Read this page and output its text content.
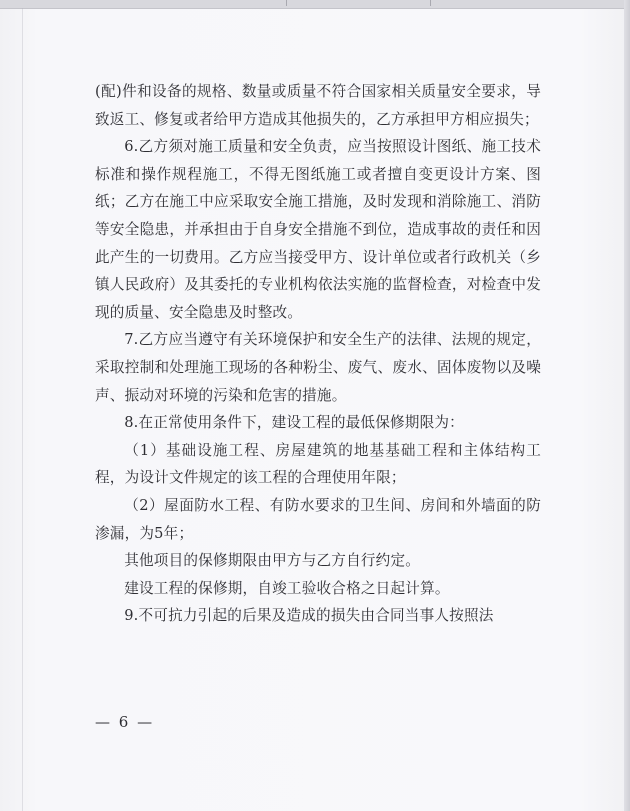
(配)件和设备的规格、数量或质量不符合国家相关质量安全要求，导致返工、修复或者给甲方造成其他损失的，乙方承担甲方相应损失；

6.乙方须对施工质量和安全负责，应当按照设计图纸、施工技术标准和操作规程施工，不得无图纸施工或者擅自变更设计方案、图纸；乙方在施工中应采取安全施工措施，及时发现和消除施工、消防等安全隐患，并承担由于自身安全措施不到位，造成事故的责任和因此产生的一切费用。乙方应当接受甲方、设计单位或者行政机关（乡镇人民政府）及其委托的专业机构依法实施的监督检查，对检查中发现的质量、安全隐患及时整改。

7.乙方应当遵守有关环境保护和安全生产的法律、法规的规定，采取控制和处理施工现场的各种粉尘、废气、废水、固体废物以及噪声、振动对环境的污染和危害的措施。

8.在正常使用条件下，建设工程的最低保修期限为：

（1）基础设施工程、房屋建筑的地基基础工程和主体结构工程，为设计文件规定的该工程的合理使用年限；

（2）屋面防水工程、有防水要求的卫生间、房间和外墙面的防渗漏，为5年；

其他项目的保修期限由甲方与乙方自行约定。

建设工程的保修期，自竣工验收合格之日起计算。

9.不可抗力引起的后果及造成的损失由合同当事人按照法

— 6 —
